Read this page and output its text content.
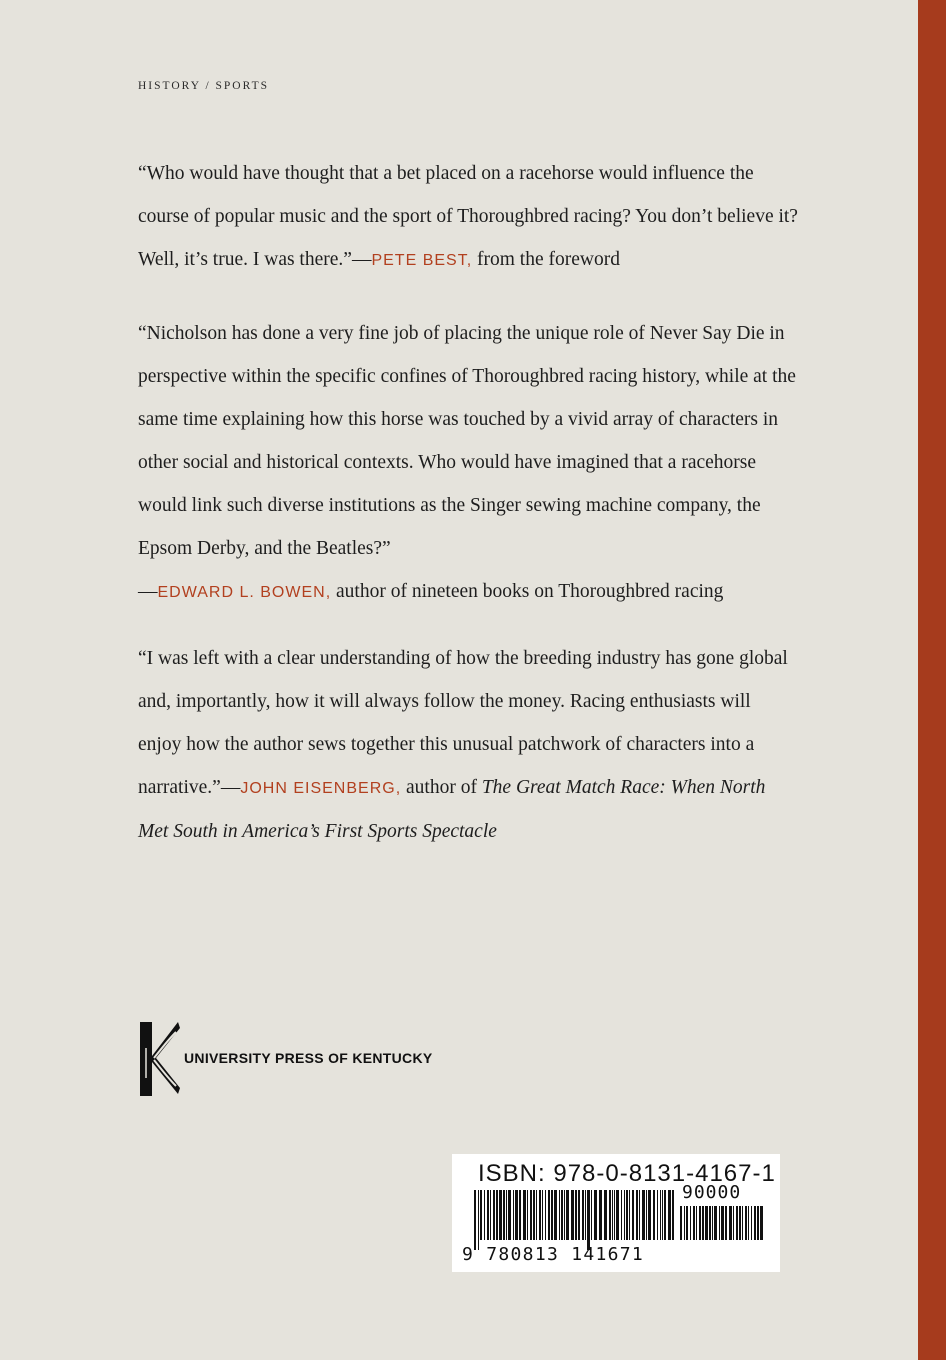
HISTORY / SPORTS
“Who would have thought that a bet placed on a racehorse would influence the course of popular music and the sport of Thoroughbred racing? You don’t believe it? Well, it’s true. I was there.”—PETE BEST, from the foreword
“Nicholson has done a very fine job of placing the unique role of Never Say Die in perspective within the specific confines of Thoroughbred racing history, while at the same time explaining how this horse was touched by a vivid array of characters in other social and historical contexts. Who would have imagined that a racehorse would link such diverse institutions as the Singer sewing machine company, the Epsom Derby, and the Beatles?”
—EDWARD L. BOWEN, author of nineteen books on Thoroughbred racing
“I was left with a clear understanding of how the breeding industry has gone global and, importantly, how it will always follow the money. Racing enthusiasts will enjoy how the author sews together this unusual patchwork of characters into a narrative.”—JOHN EISENBERG, author of The Great Match Race: When North Met South in America’s First Sports Spectacle
UNIVERSITY PRESS OF KENTUCKY
ISBN: 978-0-8131-4167-1
90000
9 780813 141671
